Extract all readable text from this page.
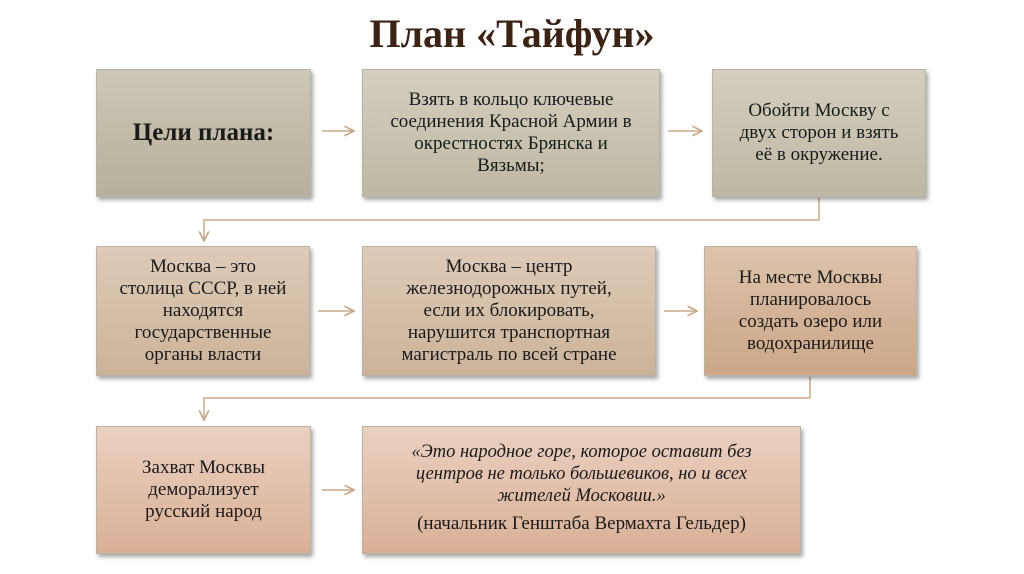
План «Тайфун»
Цели плана:
Взять в кольцо ключевые
соединения Красной Армии в
окрестностях Брянска и
Вязьмы;
Обойти Москву с
двух сторон и взять
её в окружение.
Москва – это
столица СССР, в ней
находятся
государственные
органы власти
Москва – центр
железнодорожных путей,
если их блокировать,
нарушится транспортная
магистраль по всей стране
На месте Москвы
планировалось
создать озеро или
водохранилище
Захват Москвы
деморализует
русский народ
«Это народное горе, которое оставит без
центров не только большевиков, но и всех
жителей Московии.»
(начальник Генштаба Вермахта Гельдер)
